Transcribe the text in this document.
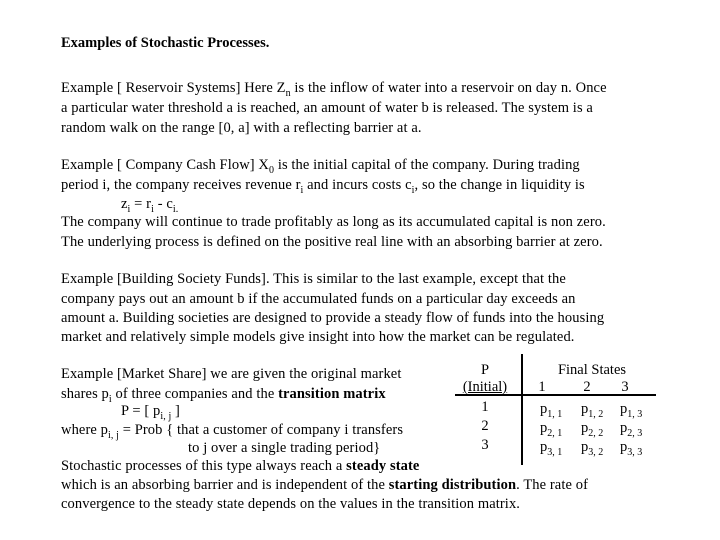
Examples of Stochastic Processes.
Example [ Reservoir Systems] Here $Z_n$ is the inflow of water into a reservoir on day n. Once
a particular water threshold a is reached, an amount of water b is released. The system is a
random walk on the range [0, a] with a reflecting barrier at a.
Example [ Company Cash Flow] $X_0$ is the initial capital of the company. During trading
period i, the company receives revenue $r_i$ and incurs costs $c_i$, so the change in liquidity is
$z_i = r_i - c_{i.}$
The company will continue to trade profitably as long as its accumulated capital is non zero.
The underlying process is defined on the positive real line with an absorbing barrier at zero.
Example [Building Society Funds]. This is similar to the last example, except that the
company pays out an amount b if the accumulated funds on a particular day exceeds an
amount a. Building societies are designed to provide a steady flow of funds into the housing
market and relatively simple models give insight into how the market can be regulated.
Example [Market Share] we are given the original market
shares $p_i$ of three companies and the transition matrix
P = [ $p_{i, j}$ ]
where $p_{i, j}$ = Prob { that a customer of company i transfers
to j over a single trading period}
Stochastic processes of this type always reach a steady state
which is an absorbing barrier and is independent of the starting distribution. The rate of
convergence to the steady state depends on the values in the transition matrix.
P
(Initial)
Final States
1	2 3
1
2
3
$p_{1, 1}$ $p_{1, 2}$ $p_{1, 3}$
$p_{2, 1}$ $p_{2, 2}$ $p_{2, 3}$
$p_{3, 1}$ $p_{3, 2}$ $p_{3, 3}$
